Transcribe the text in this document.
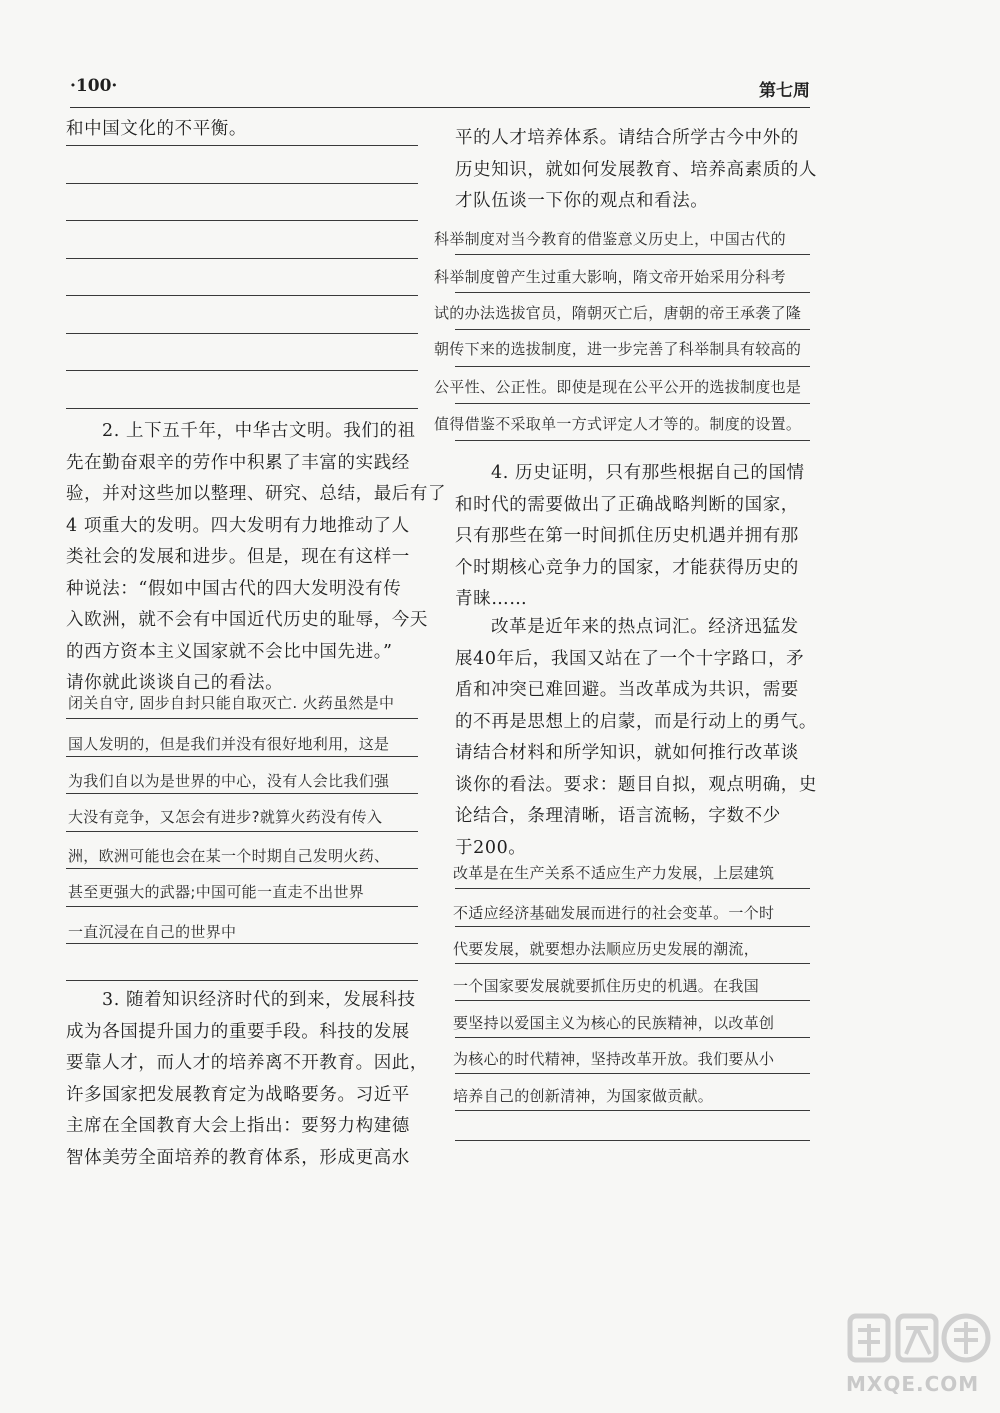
·100·	第七周
和中国文化的不平衡。
2. 上下五千年，中华古文明。我们的祖
先在勤奋艰辛的劳作中积累了丰富的实践经
验，并对这些加以整理、研究、总结，最后有了
4 项重大的发明。四大发明有力地推动了人
类社会的发展和进步。但是，现在有这样一
种说法：“假如中国古代的四大发明没有传
入欧洲，就不会有中国近代历史的耻辱，今天
的西方资本主义国家就不会比中国先进。”
请你就此谈谈自己的看法。
闭关自守, 固步自封只能自取灭亡. 火药虽然是中
国人发明的，但是我们并没有很好地利用，这是
为我们自以为是世界的中心，没有人会比我们强
大没有竞争，又怎会有进步?就算火药没有传入
洲，欧洲可能也会在某一个时期自己发明火药、
甚至更强大的武器;中国可能一直走不出世界
一直沉浸在自己的世界中
3. 随着知识经济时代的到来，发展科技
成为各国提升国力的重要手段。科技的发展
要靠人才，而人才的培养离不开教育。因此，
许多国家把发展教育定为战略要务。习近平
主席在全国教育大会上指出：要努力构建德
智体美劳全面培养的教育体系，形成更高水
平的人才培养体系。请结合所学古今中外的
历史知识，就如何发展教育、培养高素质的人
才队伍谈一下你的观点和看法。
科举制度对当今教育的借鉴意义历史上，中国古代的
科举制度曾产生过重大影响，隋文帝开始采用分科考
试的办法选拔官员，隋朝灭亡后，唐朝的帝王承袭了隆
朝传下来的选拔制度，进一步完善了科举制具有较高的
公平性、公正性。即使是现在公平公开的选拔制度也是
值得借鉴不采取单一方式评定人才等的。制度的设置。
4. 历史证明，只有那些根据自己的国情
和时代的需要做出了正确战略判断的国家，
只有那些在第一时间抓住历史机遇并拥有那
个时期核心竞争力的国家，才能获得历史的
青睐……
改革是近年来的热点词汇。经济迅猛发
展40年后，我国又站在了一个十字路口，矛
盾和冲突已难回避。当改革成为共识，需要
的不再是思想上的启蒙，而是行动上的勇气。
请结合材料和所学知识，就如何推行改革谈
谈你的看法。要求：题目自拟，观点明确，史
论结合，条理清晰，语言流畅，字数不少
于200。
改革是在生产关系不适应生产力发展，上层建筑
不适应经济基础发展而进行的社会变革。一个时
代要发展，就要想办法顺应历史发展的潮流，
一个国家要发展就要抓住历史的机遇。在我国
要坚持以爱国主义为核心的民族精神，以改革创
为核心的时代精神，坚持改革开放。我们要从小
培养自己的创新清神，为国家做贡献。
MXQE.COM
